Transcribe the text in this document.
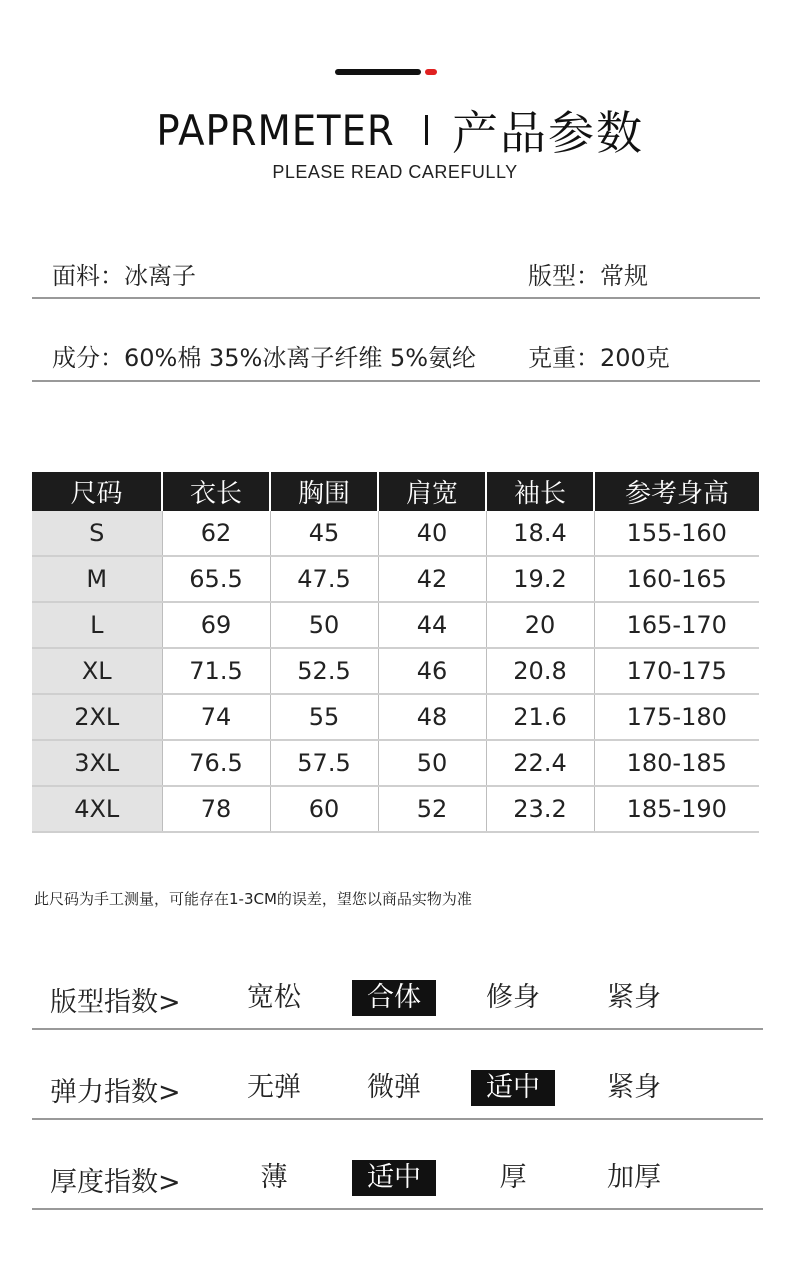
PAPRMETER 产品参数
PLEASE READ CAREFULLY
面料：冰离子	版型：常规
成分：60%棉 35%冰离子纤维 5%氨纶 克重：200克
尺码	衣长	胸围	肩宽	袖长	参考身高
S	62	45	40	18.4	155-160
M	65.5	47.5	42	19.2	160-165
L	69	50	44	20	165-170
XL	71.5	52.5	46	20.8	170-175
2XL	74	55	48	21.6	175-180
3XL	76.5	57.5	50	22.4	180-185
4XL	78	60	52	23.2	185-190
此尺码为手工测量，可能存在1-3CM的误差，望您以商品实物为准
版型指数>	宽松	合体	修身	紧身
弹力指数>	无弹	微弹	适中	紧身
厚度指数>	薄	适中	厚	加厚
